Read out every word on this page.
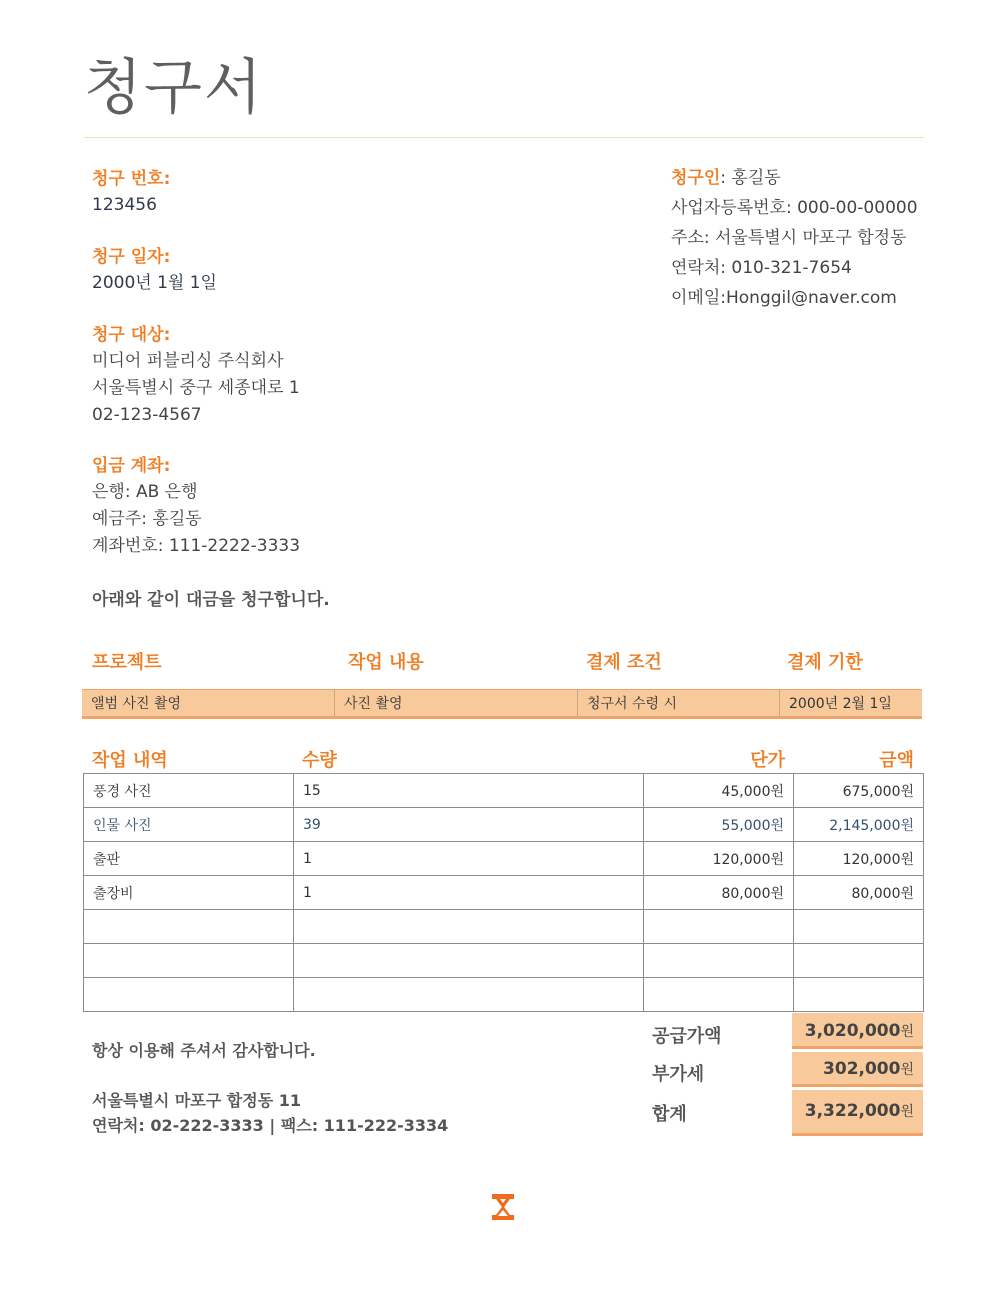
청구서
청구 번호:
123456
청구 일자:
2000년 1월 1일
청구 대상:
미디어 퍼블리싱 주식회사
서울특별시 중구 세종대로 1
02-123-4567
입금 계좌:
은행: AB 은행
예금주: 홍길동
계좌번호: 111-2222-3333
청구인: 홍길동
사업자등록번호: 000-00-00000
주소: 서울특별시 마포구 합정동
연락처: 010-321-7654
이메일:Honggil@naver.com
아래와 같이 대금을 청구합니다.
프로젝트	작업 내용	결제 조건	결제 기한
앨범 사진 촬영	사진 촬영	청구서 수령 시	2000년 2월 1일
작업 내역	수량	단가	금액
풍경 사진	15	45,000원	675,000원
인물 사진	39	55,000원	2,145,000원
출판	1	120,000원	120,000원
출장비	1	80,000원	80,000원

항상 이용해 주셔서 감사합니다.
서울특별시 마포구 합정동 11
연락처: 02-222-3333 | 팩스: 111-222-3334
공급가액	3,020,000원
부가세	302,000원
합계	3,322,000원
